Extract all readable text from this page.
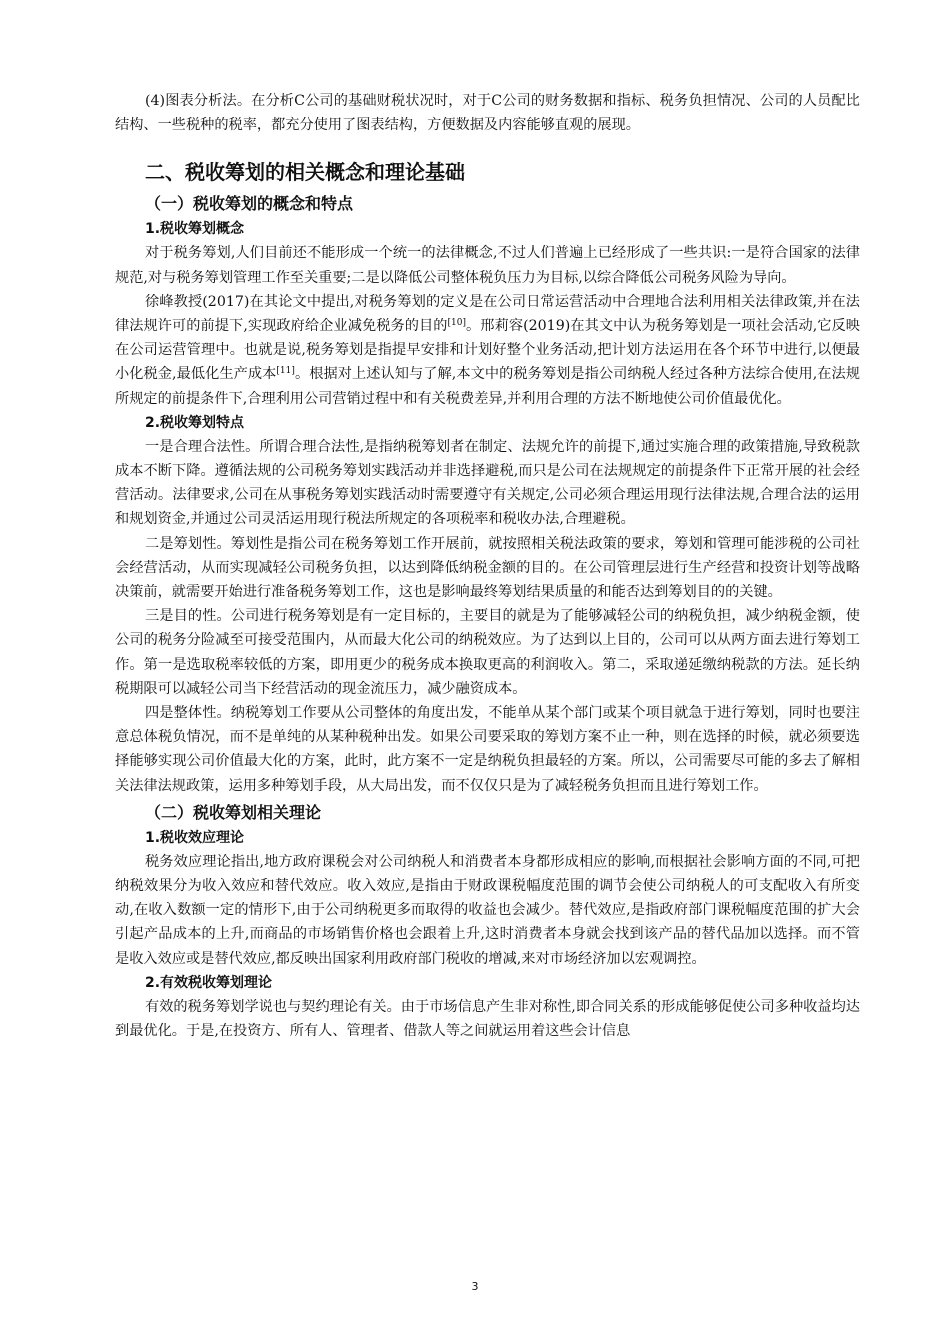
(4)图表分析法。在分析C公司的基础财税状况时，对于C公司的财务数据和指标、税务负担情况、公司的人员配比结构、一些税种的税率，都充分使用了图表结构，方便数据及内容能够直观的展现。

二、税收筹划的相关概念和理论基础
（一）税收筹划的概念和特点
1.税收筹划概念

对于税务筹划,人们目前还不能形成一个统一的法律概念,不过人们普遍上已经形成了一些共识:一是符合国家的法律规范,对与税务筹划管理工作至关重要;二是以降低公司整体税负压力为目标,以综合降低公司税务风险为导向。

徐峰教授(2017)在其论文中提出,对税务筹划的定义是在公司日常运营活动中合理地合法利用相关法律政策,并在法律法规许可的前提下,实现政府给企业减免税务的目的[10]。邢莉容(2019)在其文中认为税务筹划是一项社会活动,它反映在公司运营管理中。也就是说,税务筹划是指提早安排和计划好整个业务活动,把计划方法运用在各个环节中进行,以便最小化税金,最低化生产成本[11]。根据对上述认知与了解,本文中的税务筹划是指公司纳税人经过各种方法综合使用,在法规所规定的前提条件下,合理利用公司营销过程中和有关税费差异,并利用合理的方法不断地使公司价值最优化。

2.税收筹划特点

一是合理合法性。所谓合理合法性,是指纳税筹划者在制定、法规允许的前提下,通过实施合理的政策措施,导致税款成本不断下降。遵循法规的公司税务筹划实践活动并非选择避税,而只是公司在法规规定的前提条件下正常开展的社会经营活动。法律要求,公司在从事税务筹划实践活动时需要遵守有关规定,公司必须合理运用现行法律法规,合理合法的运用和规划资金,并通过公司灵活运用现行税法所规定的各项税率和税收办法,合理避税。

二是筹划性。筹划性是指公司在税务筹划工作开展前，就按照相关税法政策的要求，筹划和管理可能涉税的公司社会经营活动，从而实现减轻公司税务负担，以达到降低纳税金额的目的。在公司管理层进行生产经营和投资计划等战略决策前，就需要开始进行准备税务筹划工作，这也是影响最终筹划结果质量的和能否达到筹划目的的关键。

三是目的性。公司进行税务筹划是有一定目标的，主要目的就是为了能够减轻公司的纳税负担，减少纳税金额，使公司的税务分险减至可接受范围内，从而最大化公司的纳税效应。为了达到以上目的，公司可以从两方面去进行筹划工作。第一是选取税率较低的方案，即用更少的税务成本换取更高的利润收入。第二，采取递延缴纳税款的方法。延长纳税期限可以减轻公司当下经营活动的现金流压力，减少融资成本。

四是整体性。纳税筹划工作要从公司整体的角度出发，不能单从某个部门或某个项目就急于进行筹划，同时也要注意总体税负情况，而不是单纯的从某种税种出发。如果公司要采取的筹划方案不止一种，则在选择的时候，就必须要选择能够实现公司价值最大化的方案，此时，此方案不一定是纳税负担最轻的方案。所以，公司需要尽可能的多去了解相关法律法规政策，运用多种筹划手段，从大局出发，而不仅仅只是为了减轻税务负担而且进行筹划工作。

（二）税收筹划相关理论
1.税收效应理论

税务效应理论指出,地方政府课税会对公司纳税人和消费者本身都形成相应的影响,而根据社会影响方面的不同,可把纳税效果分为收入效应和替代效应。收入效应,是指由于财政课税幅度范围的调节会使公司纳税人的可支配收入有所变动,在收入数额一定的情形下,由于公司纳税更多而取得的收益也会减少。替代效应,是指政府部门课税幅度范围的扩大会引起产品成本的上升,而商品的市场销售价格也会跟着上升,这时消费者本身就会找到该产品的替代品加以选择。而不管是收入效应或是替代效应,都反映出国家利用政府部门税收的增减,来对市场经济加以宏观调控。

2.有效税收筹划理论

有效的税务筹划学说也与契约理论有关。由于市场信息产生非对称性,即合同关系的形成能够促使公司多种收益均达到最优化。于是,在投资方、所有人、管理者、借款人等之间就运用着这些会计信息

3
